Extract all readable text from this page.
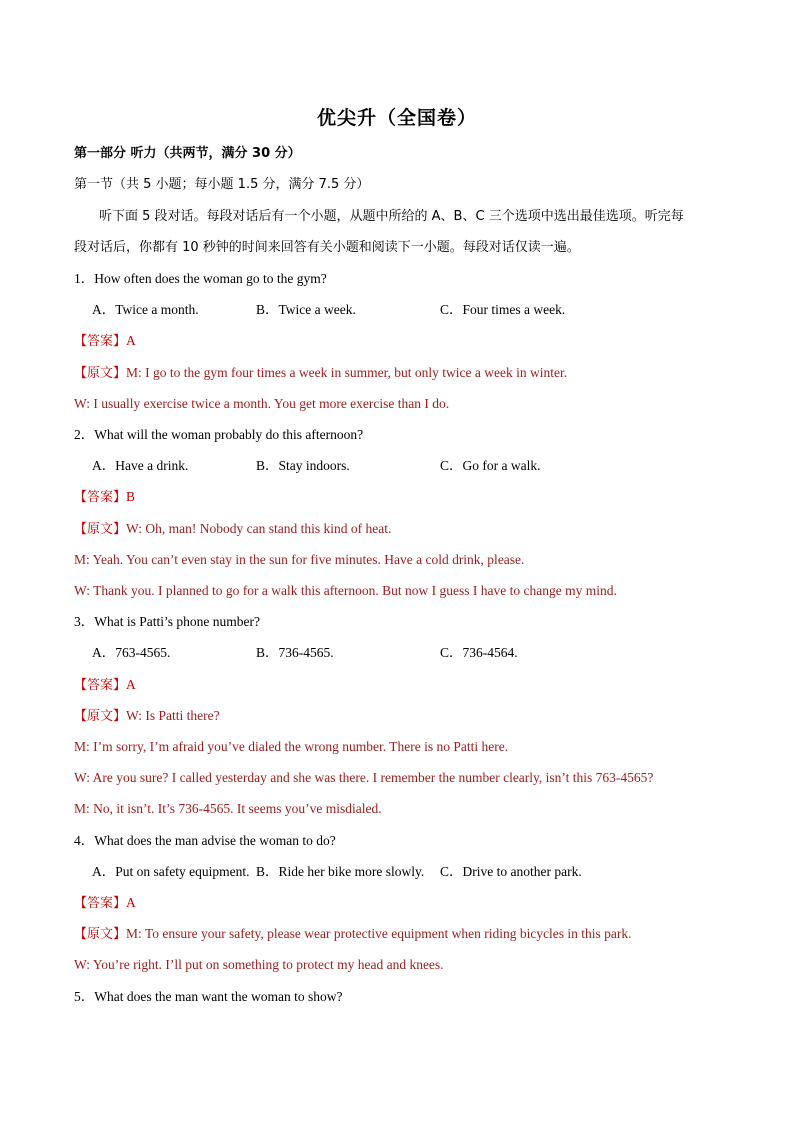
优尖升（全国卷）
第一部分 听力（共两节，满分 30 分）
第一节（共 5 小题；每小题 1.5 分，满分 7.5 分）
听下面 5 段对话。每段对话后有一个小题，从题中所给的 A、B、C 三个选项中选出最佳选项。听完每
段对话后，你都有 10 秒钟的时间来回答有关小题和阅读下一小题。每段对话仅读一遍。
1．How often does the woman go to the gym?
A．Twice a month.	B．Twice a week.	C．Four times a week.
【答案】A
【原文】M: I go to the gym four times a week in summer, but only twice a week in winter.
W: I usually exercise twice a month. You get more exercise than I do.
2．What will the woman probably do this afternoon?
A．Have a drink.	B．Stay indoors.	C．Go for a walk.
【答案】B
【原文】W: Oh, man! Nobody can stand this kind of heat.
M: Yeah. You can’t even stay in the sun for five minutes. Have a cold drink, please.
W: Thank you. I planned to go for a walk this afternoon. But now I guess I have to change my mind.
3．What is Patti’s phone number?
A．763-4565.	B．736-4565.	C．736-4564.
【答案】A
【原文】W: Is Patti there?
M: I’m sorry, I’m afraid you’ve dialed the wrong number. There is no Patti here.
W: Are you sure? I called yesterday and she was there. I remember the number clearly, isn’t this 763-4565?
M: No, it isn’t. It’s 736-4565. It seems you’ve misdialed.
4．What does the man advise the woman to do?
A．Put on safety equipment. B．Ride her bike more slowly. C．Drive to another park.
【答案】A
【原文】M: To ensure your safety, please wear protective equipment when riding bicycles in this park.
W: You’re right. I’ll put on something to protect my head and knees.
5．What does the man want the woman to show?
